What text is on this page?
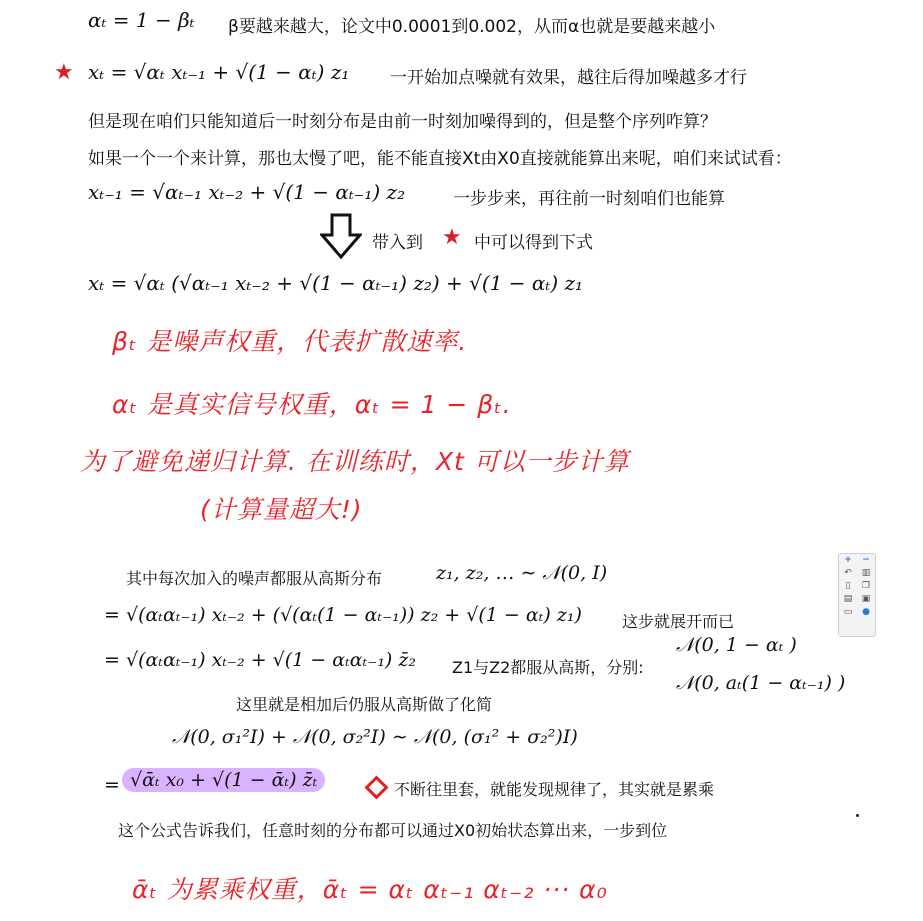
αₜ = 1 − βₜ β要越来越大，论文中0.0001到0.002，从而α也就是要越来越小
★ xₜ = √αₜ xₜ₋₁ + √(1 − αₜ) z₁ 一开始加点噪就有效果，越往后得加噪越多才行
但是现在咱们只能知道后一时刻分布是由前一时刻加噪得到的，但是整个序列咋算？
如果一个一个来计算，那也太慢了吧，能不能直接Xt由X0直接就能算出来呢，咱们来试试看：
xₜ₋₁ = √αₜ₋₁ xₜ₋₂ + √(1 − αₜ₋₁) z₂	一步步来，再往前一时刻咱们也能算
带入到 ★ 中可以得到下式
xₜ = √αₜ (√αₜ₋₁ xₜ₋₂ + √(1 − αₜ₋₁) z₂) + √(1 − αₜ) z₁
βₜ 是噪声权重，代表扩散速率.
αₜ 是真实信号权重，αₜ = 1 − βₜ.
为了避免递归计算. 在训练时，Xt 可以一步计算
(计算量超大!)
其中每次加入的噪声都服从高斯分布	z₁, z₂, … ∼ 𝒩(0, I)
= √(αₜαₜ₋₁) xₜ₋₂ + (√(αₜ(1 − αₜ₋₁)) z₂ + √(1 − αₜ) z₁)	这步就展开而已
= √(αₜαₜ₋₁) xₜ₋₂ + √(1 − αₜαₜ₋₁) z̄₂ Z1与Z2都服从高斯，分别:
𝒩(0, 1 − αₜ )
𝒩(0, aₜ(1 − αₜ₋₁) )
这里就是相加后仍服从高斯做了化简
𝒩(0, σ₁²I) + 𝒩(0, σ₂²I) ∼ 𝒩(0, (σ₁² + σ₂²)I)
= √ᾱₜ x₀ + √(1 − ᾱₜ) z̄ₜ	不断往里套，就能发现规律了，其实就是累乘
这个公式告诉我们，任意时刻的分布都可以通过X0初始状态算出来，一步到位
ᾱₜ 为累乘权重，ᾱₜ = αₜ αₜ₋₁ αₜ₋₂ ··· α₀
+ −
↶ ▥
▯	❐
▤ ▣
▭ ●
